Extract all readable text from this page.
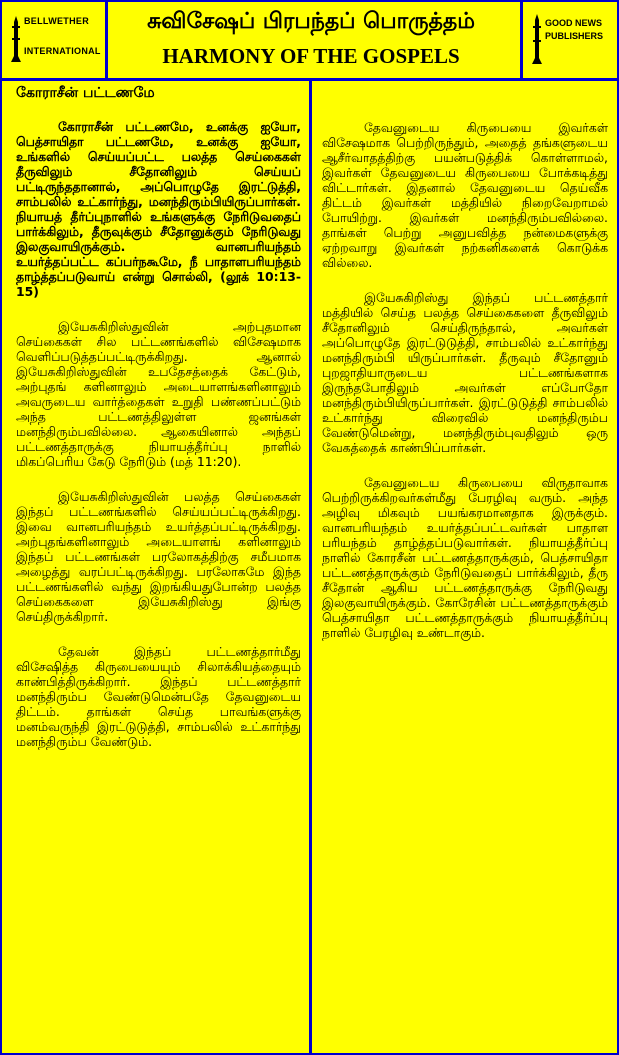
BELLWETHER
INTERNATIONAL
சுவிசேஷப் பிரபந்தப் பொருத்தம்
HARMONY OF THE GOSPELS
GOOD NEWS
PUBLISHERS
கோராசீன் பட்டணமே

கோராசீன் பட்டணமே, உனக்கு ஐயோ, பெத்சாயிதா பட்டணமே, உனக்கு ஐயோ, உங்களில் செய்யப்பட்ட பலத்த செய்கைகள் தீருவிலும் சீதோனிலும் செய்யப் பட்டிருந்ததானால், அப்பொழுதே இரட்டுத்தி, சாம்பலில் உட்கார்ந்து, மனந்திரும்பியிருப்பார்கள். நியாயத் தீர்ப்புநாளில் உங்களுக்கு நேரிடுவதைப் பார்க்கிலும், தீருவுக்கும் சீதோனுக்கும் நேரிடுவது இலகுவாயிருக்கும். வானபரியந்தம் உயர்த்தப்பட்ட கப்பர்நகூமே, நீ பாதாளபரியந்தம் தாழ்த்தப்படுவாய் என்று சொல்லி, (லூக் 10:13-15)

இயேசுகிறிஸ்துவின் அற்புதமான செய்கைகள் சில பட்டணங்களில் விசேஷமாக வெளிப்படுத்தப்பட்டிருக்கிறது. ஆனால் இயேசுகிறிஸ்துவின் உபதேசத்தைக் கேட்டும், அற்புதங் களினாலும் அடையாளங்களினாலும் அவருடைய வார்த்தைகள் உறுதி பண்ணப்பட்டும் அந்த பட்டணத்திலுள்ள ஜனங்கள் மனந்திரும்பவில்லை. ஆகையினால் அந்தப் பட்டணத்தாருக்கு நியாயத்தீர்ப்பு நாளில் மிகப்பெரிய கேடு நேரிடும் (மத் 11:20).

இயேசுகிறிஸ்துவின் பலத்த செய்கைகள் இந்தப் பட்டணங்களில் செய்யப்பட்டிருக்கிறது. இவை வானபரியந்தம் உயர்த்தப்பட்டிருக்கிறது. அற்புதங்களினாலும் அடையாளங் களினாலும் இந்தப் பட்டணங்கள் பரலோகத்திற்கு சமீபமாக அழைத்து வரப்பட்டிருக்கிறது. பரலோகமே இந்த பட்டணங்களில் வந்து இறங்கியதுபோன்ற பலத்த செய்கைகளை இயேசுகிறிஸ்து இங்கு செய்திருக்கிறார்.

தேவன் இந்தப் பட்டணத்தார்மீது விசேஷித்த கிருபையையும் சிலாக்கியத்தையும் காண்பித்திருக்கிறார். இந்தப் பட்டணத்தார் மனந்திரும்ப வேண்டுமென்பதே தேவனுடைய திட்டம். தாங்கள் செய்த பாவங்களுக்கு மனம்வருந்தி இரட்டுடுத்தி, சாம்பலில் உட்கார்ந்து மனந்திரும்ப வேண்டும்.

தேவனுடைய கிருபையை இவர்கள் விசேஷமாக பெற்றிருந்தும், அதைத் தங்களுடைய ஆசீர்வாதத்திற்கு பயன்படுத்திக் கொள்ளாமல், இவர்கள் தேவனுடைய கிருபையை போக்கடித்து விட்டார்கள். இதனால் தேவனுடைய தெய்வீக திட்டம் இவர்கள் மத்தியில் நிறைவேறாமல் போயிற்று. இவர்கள் மனந்திரும்பவில்லை. தாங்கள் பெற்று அனுபவித்த நன்மைகளுக்கு ஏற்றவாறு இவர்கள் நற்கனிகளைக் கொடுக்க வில்லை.

இயேசுகிறிஸ்து இந்தப் பட்டணத்தார் மத்தியில் செய்த பலத்த செய்கைகளை தீருவிலும் சீதோனிலும் செய்திருந்தால், அவர்கள் அப்பொழுதே இரட்டுடுத்தி, சாம்பலில் உட்கார்ந்து மனந்திரும்பி யிருப்பார்கள். தீருவும் சீதோனும் புறஜாதியாருடைய பட்டணங்களாக இருந்தபோதிலும் அவர்கள் எப்போதோ மனந்திரும்பியிருப்பார்கள். இரட்டுடுத்தி சாம்பலில் உட்கார்ந்து விரைவில் மனந்திரும்ப வேண்டுமென்று, மனந்திரும்புவதிலும் ஒரு வேகத்தைக் காண்பிப்பார்கள்.

தேவனுடைய கிருபையை விருதாவாக பெற்றிருக்கிறவர்கள்மீது பேரழிவு வரும். அந்த அழிவு மிகவும் பயங்கரமானதாக இருக்கும். வானபரியந்தம் உயர்த்தப்பட்டவர்கள் பாதாள பரியந்தம் தாழ்த்தப்படுவார்கள். நியாயத்தீர்ப்பு நாளில் கோரசீன் பட்டணத்தாருக்கும், பெத்சாயிதா பட்டணத்தாருக்கும் நேரிடுவதைப் பார்க்கிலும், தீரு சீதோன் ஆகிய பட்டணத்தாருக்கு நேரிடுவது இலகுவாயிருக்கும். கோரேசின் பட்டணத்தாருக்கும் பெத்சாயிதா பட்டணத்தாருக்கும் நியாயத்தீர்ப்பு நாளில் பேரழிவு உண்டாகும்.
